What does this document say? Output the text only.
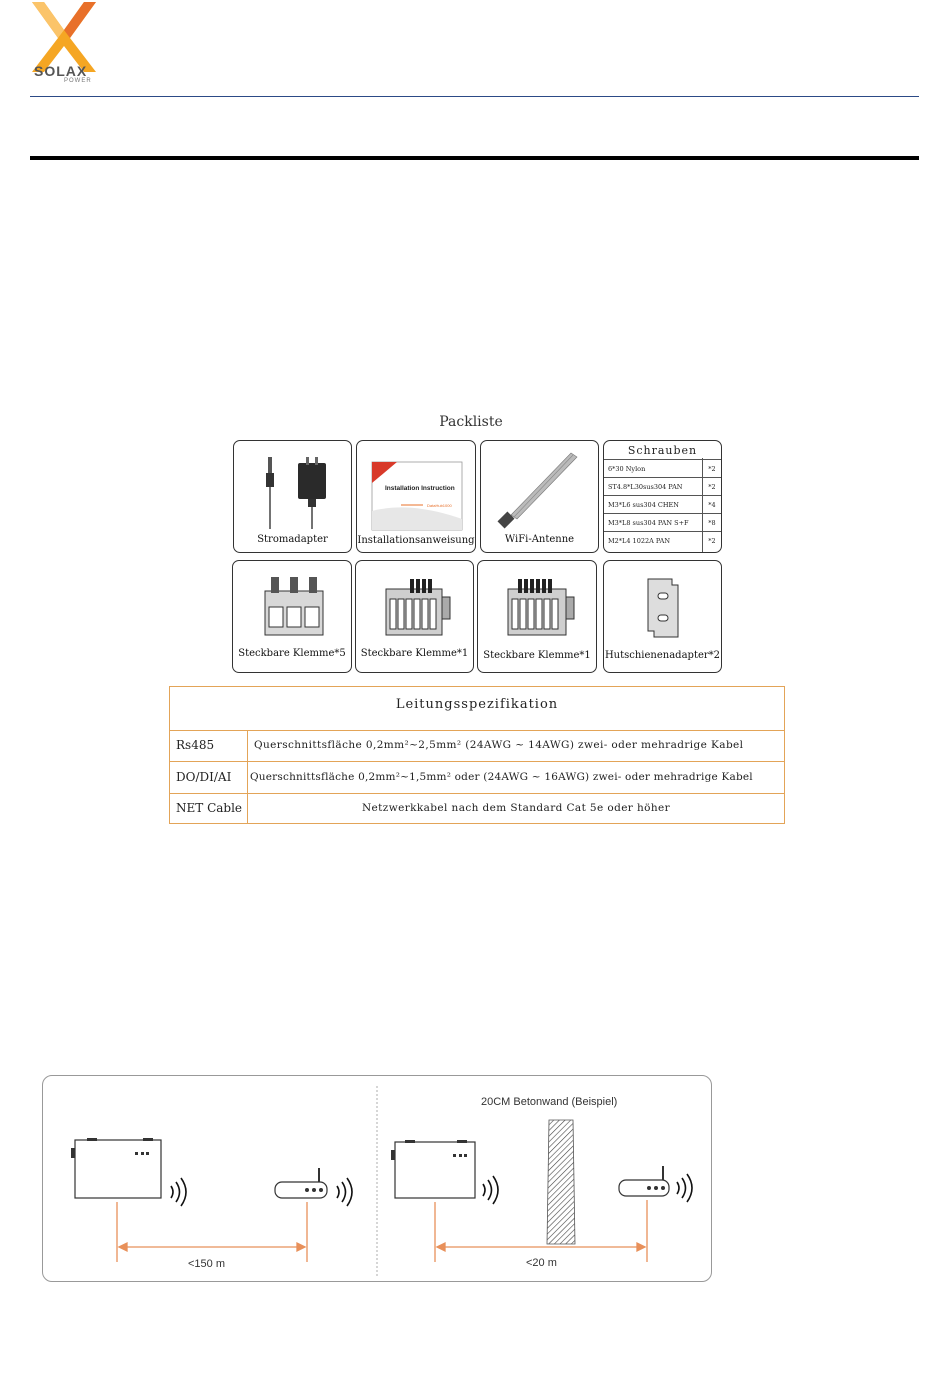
SOLAX
POWER
Packliste
Stromadapter
Installation Instruction
DataHub1000
Installationsanweisung	WiFi-Antenne
Schrauben
6*30 Nylon	*2
ST4.8*L30sus304 PAN	*2
M3*L6 sus304 CHEN	*4
M3*L8 sus304 PAN S+F	*8
M2*L4 1022A PAN	*2
Steckbare Klemme*5	Steckbare Klemme*1	Steckbare Klemme*1	Hutschienenadapter*2
Leitungsspezifikation
Rs485	Querschnittsfläche 0,2mm²~2,5mm² (24AWG ~ 14AWG) zwei- oder mehradrige Kabel
DO/DI/AI Querschnittsfläche 0,2mm²~1,5mm² oder (24AWG ~ 16AWG) zwei- oder mehradrige Kabel
NET Cable	Netzwerkkabel nach dem Standard Cat 5e oder höher
20CM Betonwand (Beispiel)
<150 m	<20 m
